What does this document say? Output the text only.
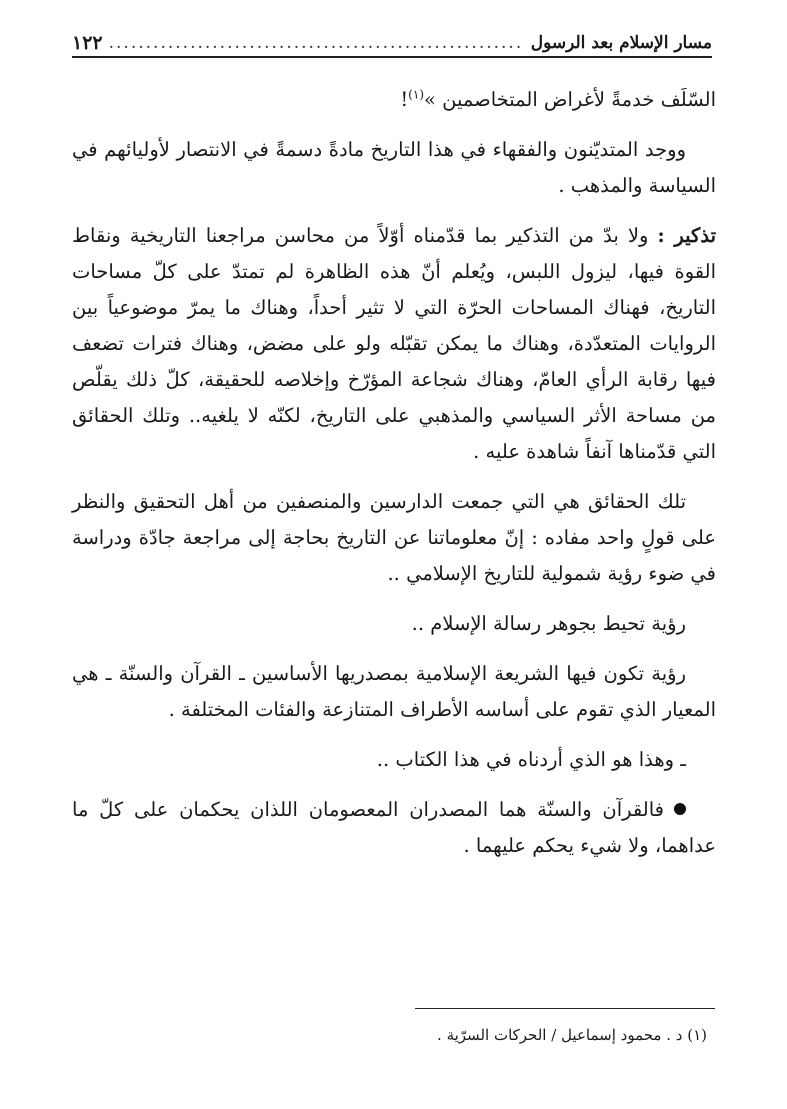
مسار الإسلام بعد الرسول
.....
١٢٢

السّلَف خدمةً لأغراض المتخاصمين »$^{(١)}$!

ووجد المتديّنون والفقهاء في هذا التاريخ مادةً دسمةً في الانتصار لأوليائهم في السياسة والمذهب .

تذكير : ولا بدّ من التذكير بما قدّمناه أوّلاً من محاسن مراجعنا التاريخية ونقاط القوة فيها، ليزول اللبس، ويُعلم أنّ هذه الظاهرة لم تمتدّ على كلّ مساحات التاريخ، فهناك المساحات الحرّة التي لا تثير أحداً، وهناك ما يمرّ موضوعياً بين الروايات المتعدّدة، وهناك ما يمكن تقبّله ولو على مضض، وهناك فترات تضعف فيها رقابة الرأي العامّ، وهناك شجاعة المؤرّخ وإخلاصه للحقيقة، كلّ ذلك يقلّص من مساحة الأثر السياسي والمذهبي على التاريخ، لكنّه لا يلغيه.. وتلك الحقائق التي قدّمناها آنفاً شاهدة عليه .

تلك الحقائق هي التي جمعت الدارسين والمنصفين من أهل التحقيق والنظر على قولٍ واحد مفاده : إنّ معلوماتنا عن التاريخ بحاجة إلى مراجعة جادّة ودراسة في ضوء رؤية شمولية للتاريخ الإسلامي ..

رؤية تحيط بجوهر رسالة الإسلام ..

رؤية تكون فيها الشريعة الإسلامية بمصدريها الأساسين ـ القرآن والسنّة ـ هي المعيار الذي تقوم على أساسه الأطراف المتنازعة والفئات المختلفة .

ـ وهذا هو الذي أردناه في هذا الكتاب ..

فالقرآن والسنّة هما المصدران المعصومان اللذان يحكمان على كلّ ما عداهما، ولا شيء يحكم عليهما .

(١) د . محمود إسماعيل / الحركات السرّية .
